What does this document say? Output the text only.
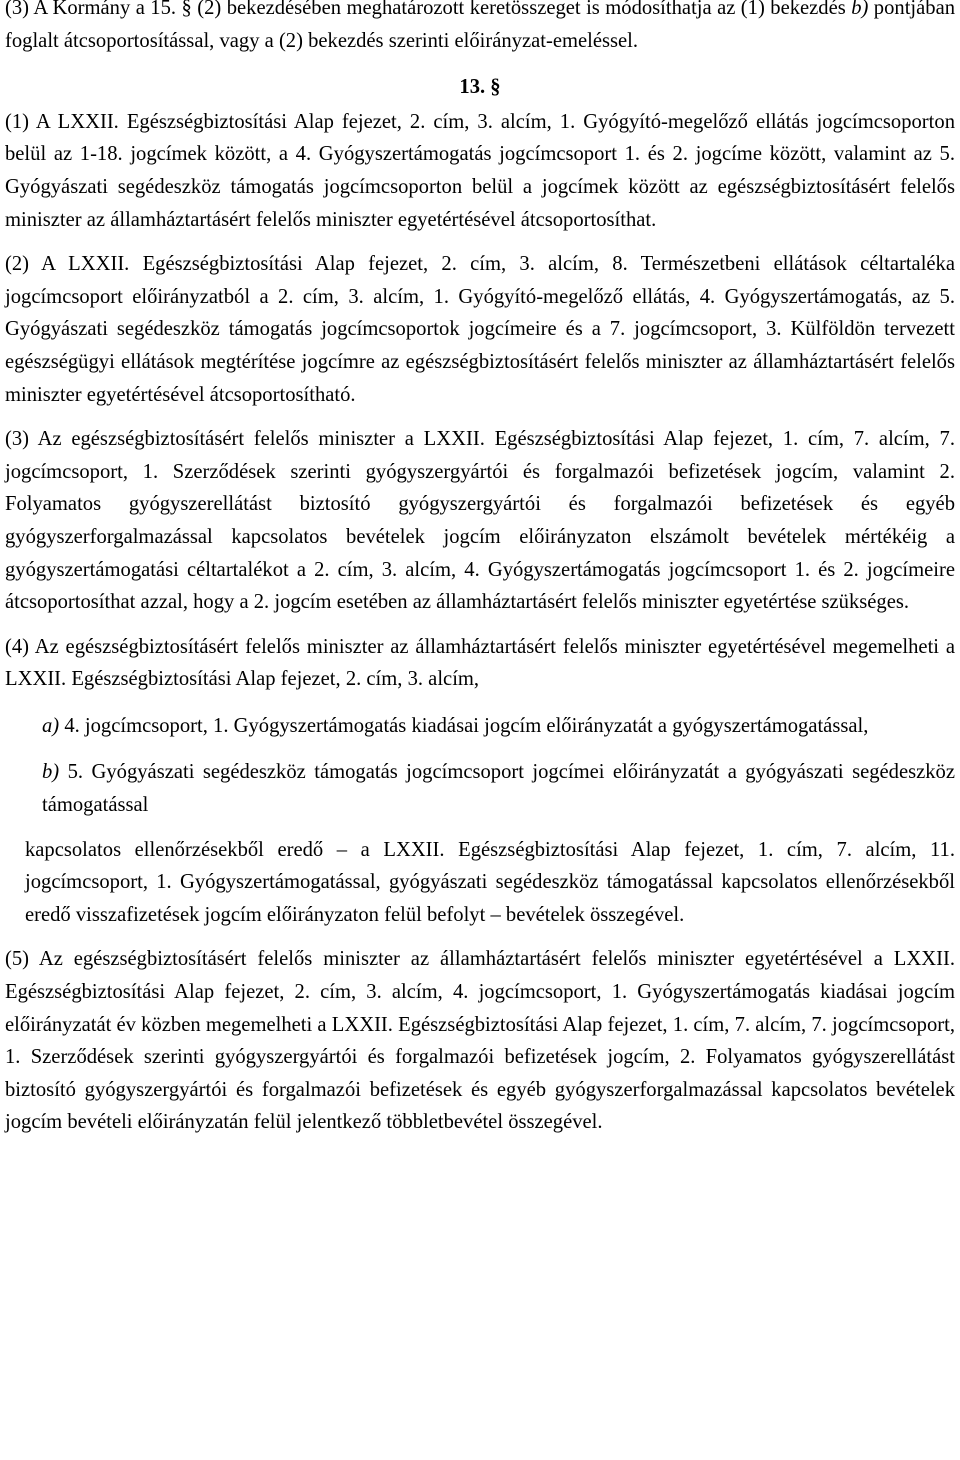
(3) A Kormány a 15. § (2) bekezdésében meghatározott keretösszeget is módosíthatja az (1) bekezdés b) pontjában foglalt átcsoportosítással, vagy a (2) bekezdés szerinti előirányzat-emeléssel.

13. §

(1) A LXXII. Egészségbiztosítási Alap fejezet, 2. cím, 3. alcím, 1. Gyógyító-megelőző ellátás jogcímcsoporton belül az 1-18. jogcímek között, a 4. Gyógyszertámogatás jogcímcsoport 1. és 2. jogcíme között, valamint az 5. Gyógyászati segédeszköz támogatás jogcímcsoporton belül a jogcímek között az egészségbiztosításért felelős miniszter az államháztartásért felelős miniszter egyetértésével átcsoportosíthat.

(2) A LXXII. Egészségbiztosítási Alap fejezet, 2. cím, 3. alcím, 8. Természetbeni ellátások céltartaléka jogcímcsoport előirányzatból a 2. cím, 3. alcím, 1. Gyógyító-megelőző ellátás, 4. Gyógyszertámogatás, az 5. Gyógyászati segédeszköz támogatás jogcímcsoportok jogcímeire és a 7. jogcímcsoport, 3. Külföldön tervezett egészségügyi ellátások megtérítése jogcímre az egészségbiztosításért felelős miniszter az államháztartásért felelős miniszter egyetértésével átcsoportosítható.

(3) Az egészségbiztosításért felelős miniszter a LXXII. Egészségbiztosítási Alap fejezet, 1. cím, 7. alcím, 7. jogcímcsoport, 1. Szerződések szerinti gyógyszergyártói és forgalmazói befizetések jogcím, valamint 2. Folyamatos gyógyszerellátást biztosító gyógyszergyártói és forgalmazói befizetések és egyéb gyógyszerforgalmazással kapcsolatos bevételek jogcím előirányzaton elszámolt bevételek mértékéig a gyógyszertámogatási céltartalékot a 2. cím, 3. alcím, 4. Gyógyszertámogatás jogcímcsoport 1. és 2. jogcímeire átcsoportosíthat azzal, hogy a 2. jogcím esetében az államháztartásért felelős miniszter egyetértése szükséges.

(4) Az egészségbiztosításért felelős miniszter az államháztartásért felelős miniszter egyetértésével megemelheti a LXXII. Egészségbiztosítási Alap fejezet, 2. cím, 3. alcím,

a) 4. jogcímcsoport, 1. Gyógyszertámogatás kiadásai jogcím előirányzatát a gyógyszertámogatással,

b) 5. Gyógyászati segédeszköz támogatás jogcímcsoport jogcímei előirányzatát a gyógyászati segédeszköz támogatással

kapcsolatos ellenőrzésekből eredő – a LXXII. Egészségbiztosítási Alap fejezet, 1. cím, 7. alcím, 11. jogcímcsoport, 1. Gyógyszertámogatással, gyógyászati segédeszköz támogatással kapcsolatos ellenőrzésekből eredő visszafizetések jogcím előirányzaton felül befolyt – bevételek összegével.

(5) Az egészségbiztosításért felelős miniszter az államháztartásért felelős miniszter egyetértésével a LXXII. Egészségbiztosítási Alap fejezet, 2. cím, 3. alcím, 4. jogcímcsoport, 1. Gyógyszertámogatás kiadásai jogcím előirányzatát év közben megemelheti a LXXII. Egészségbiztosítási Alap fejezet, 1. cím, 7. alcím, 7. jogcímcsoport, 1. Szerződések szerinti gyógyszergyártói és forgalmazói befizetések jogcím, 2. Folyamatos gyógyszerellátást biztosító gyógyszergyártói és forgalmazói befizetések és egyéb gyógyszerforgalmazással kapcsolatos bevételek jogcím bevételi előirányzatán felül jelentkező többletbevétel összegével.
